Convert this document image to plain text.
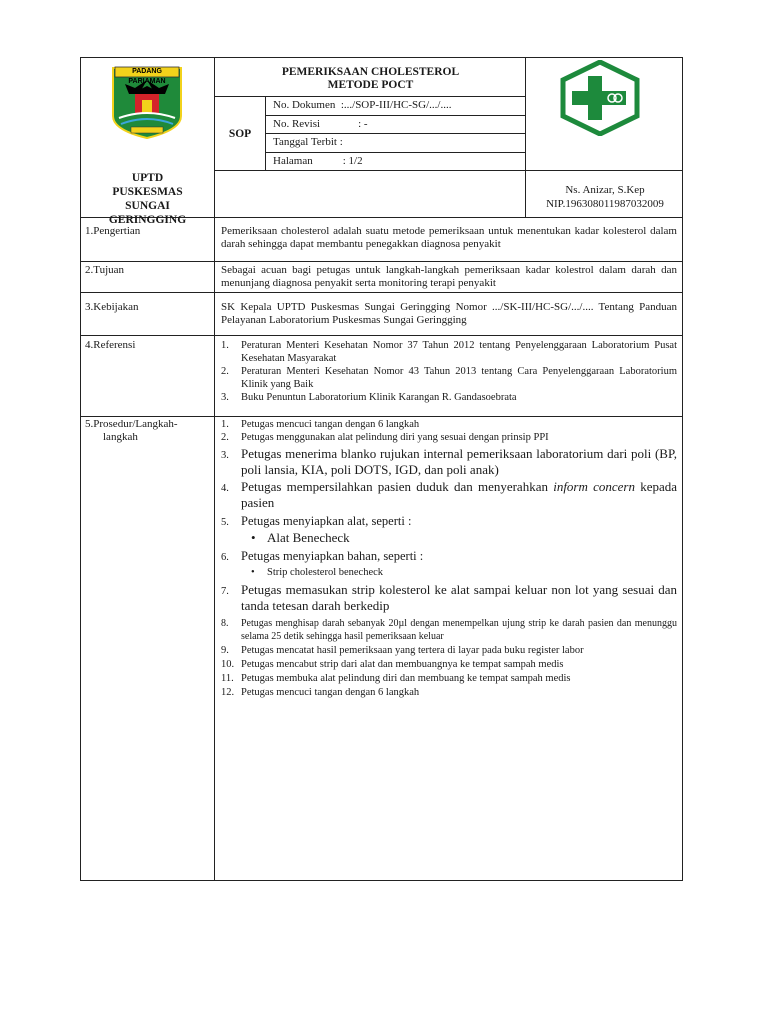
PADANG PARIAMAN
UPTD
PUSKESMAS
SUNGAI
GERINGGING
PEMERIKSAAN CHOLESTEROL
METODE POCT
SOP
No. Dokumen :.../SOP-III/HC-SG/.../....
No. Revisi	: -
Tanggal Terbit :
Halaman	: 1/2
Ns. Anizar, S.Kep
NIP.196308011987032009
1.Pengertian	Pemeriksaan cholesterol adalah suatu metode pemeriksaan untuk menentukan kadar kolesterol dalam darah sehingga dapat membantu penegakkan diagnosa penyakit
2.Tujuan	Sebagai acuan bagi petugas untuk langkah-langkah pemeriksaan kadar kolestrol dalam darah dan menunjang diagnosa penyakit serta monitoring terapi penyakit
3.Kebijakan	SK Kepala UPTD Puskesmas Sungai Geringging Nomor .../SK-III/HC-SG/.../.... Tentang Panduan Pelayanan Laboratorium Puskesmas Sungai Geringging
4.Referensi	1. Peraturan Menteri Kesehatan Nomor 37 Tahun 2012 tentang Penyelenggaraan Laboratorium Pusat Kesehatan Masyarakat
2. Peraturan Menteri Kesehatan Nomor 43 Tahun 2013 tentang Cara Penyelenggaraan Laboratorium Klinik yang Baik
3. Buku Penuntun Laboratorium Klinik Karangan R. Gandasoebrata
5.Prosedur/Langkah-
langkah
1. Petugas mencuci tangan dengan 6 langkah
2. Petugas menggunakan alat pelindung diri yang sesuai dengan prinsip PPI
3. Petugas menerima blanko rujukan internal pemeriksaan laboratorium dari poli (BP, poli lansia, KIA, poli DOTS, IGD, dan poli anak)
4. Petugas mempersilahkan pasien duduk dan menyerahkan inform concern kepada pasien
5. Petugas menyiapkan alat, seperti :
• Alat Benecheck
6. Petugas menyiapkan bahan, seperti :
• Strip cholesterol benecheck
7. Petugas memasukan strip kolesterol ke alat sampai keluar non lot yang sesuai dan tanda tetesan darah berkedip
8. Petugas menghisap darah sebanyak 20µl dengan menempelkan ujung strip ke darah pasien dan menunggu selama 25 detik sehingga hasil pemeriksaan keluar
9. Petugas mencatat hasil pemeriksaan yang tertera di layar pada buku register labor
10. Petugas mencabut strip dari alat dan membuangnya ke tempat sampah medis
11. Petugas membuka alat pelindung diri dan membuang ke tempat sampah medis
12. Petugas mencuci tangan dengan 6 langkah
